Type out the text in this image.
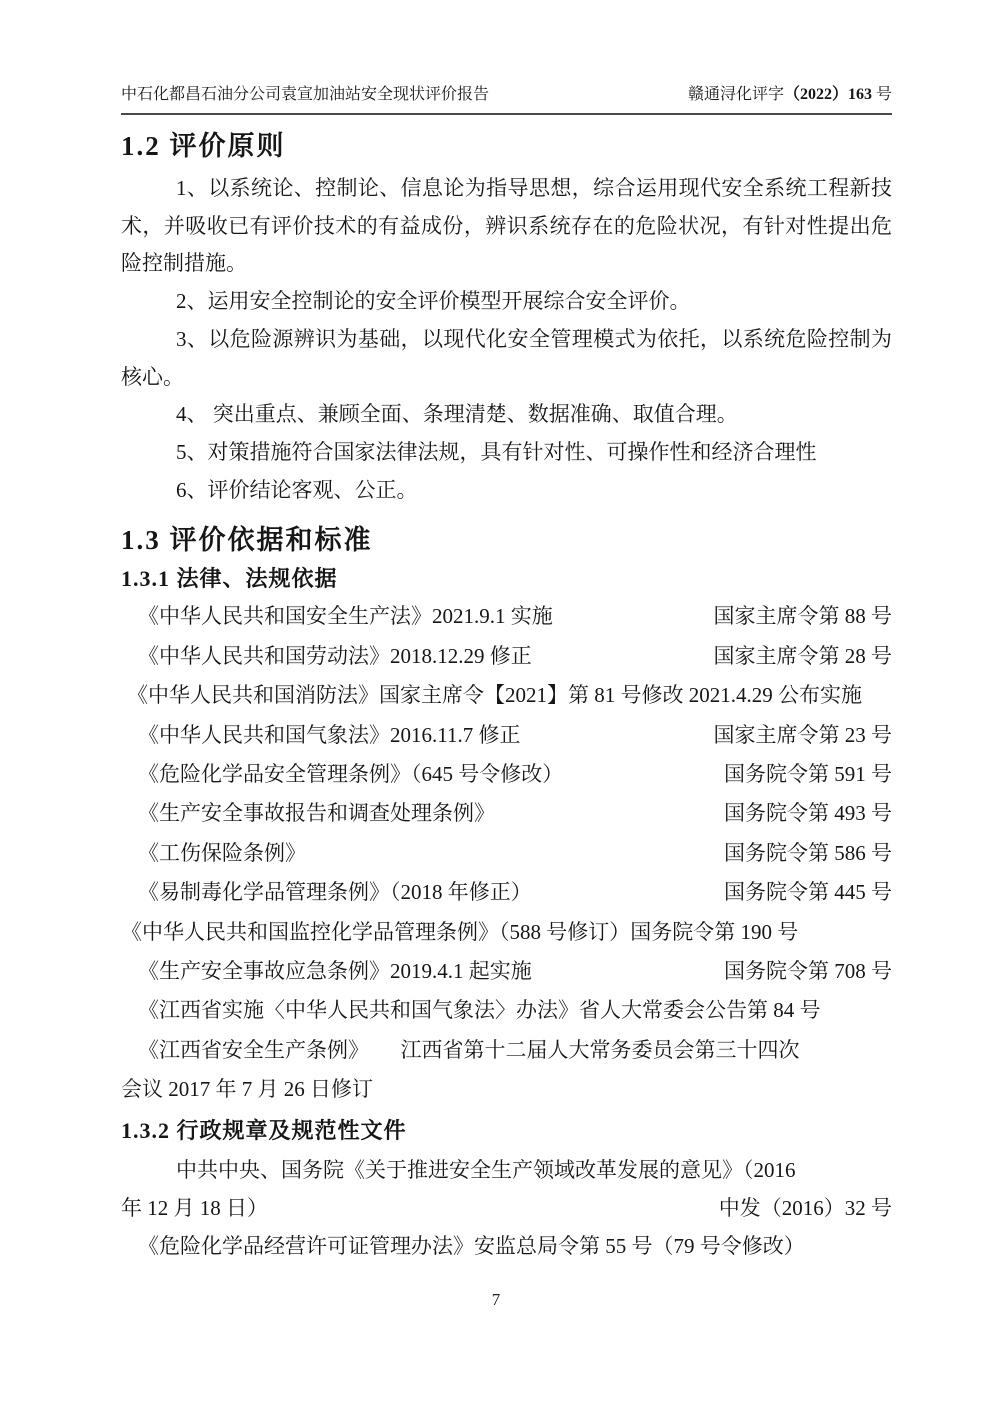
中石化都昌石油分公司袁宣加油站安全现状评价报告	赣通浔化评字（2022）163 号
1.2 评价原则

1、以系统论、控制论、信息论为指导思想，综合运用现代安全系统工程新技术，并吸收已有评价技术的有益成份，辨识系统存在的危险状况，有针对性提出危险控制措施。

2、运用安全控制论的安全评价模型开展综合安全评价。

3、以危险源辨识为基础，以现代化安全管理模式为依托，以系统危险控制为核心。

4、 突出重点、兼顾全面、条理清楚、数据准确、取值合理。

5、对策措施符合国家法律法规，具有针对性、可操作性和经济合理性

6、评价结论客观、公正。

1.3 评价依据和标准
1.3.1 法律、法规依据
《中华人民共和国安全生产法》2021.9.1 实施	国家主席令第 88 号
《中华人民共和国劳动法》2018.12.29 修正	国家主席令第 28 号
《中华人民共和国消防法》国家主席令【2021】第 81 号修改 2021.4.29 公布实施
《中华人民共和国气象法》2016.11.7 修正	国家主席令第 23 号
《危险化学品安全管理条例》（645 号令修改）	国务院令第 591 号
《生产安全事故报告和调查处理条例》	国务院令第 493 号
《工伤保险条例》	国务院令第 586 号
《易制毒化学品管理条例》（2018 年修正）	国务院令第 445 号
《中华人民共和国监控化学品管理条例》（588 号修订）国务院令第 190 号
《生产安全事故应急条例》2019.4.1 起实施	国务院令第 708 号
《江西省实施〈中华人民共和国气象法〉办法》省人大常委会公告第 84 号
《江西省安全生产条例》　　江西省第十二届人大常务委员会第三十四次
会议 2017 年 7 月 26 日修订
1.3.2 行政规章及规范性文件

中共中央、国务院《关于推进安全生产领域改革发展的意见》（2016

年 12 月 18 日）	中发（2016）32 号

《危险化学品经营许可证管理办法》安监总局令第 55 号（79 号令修改）

7
